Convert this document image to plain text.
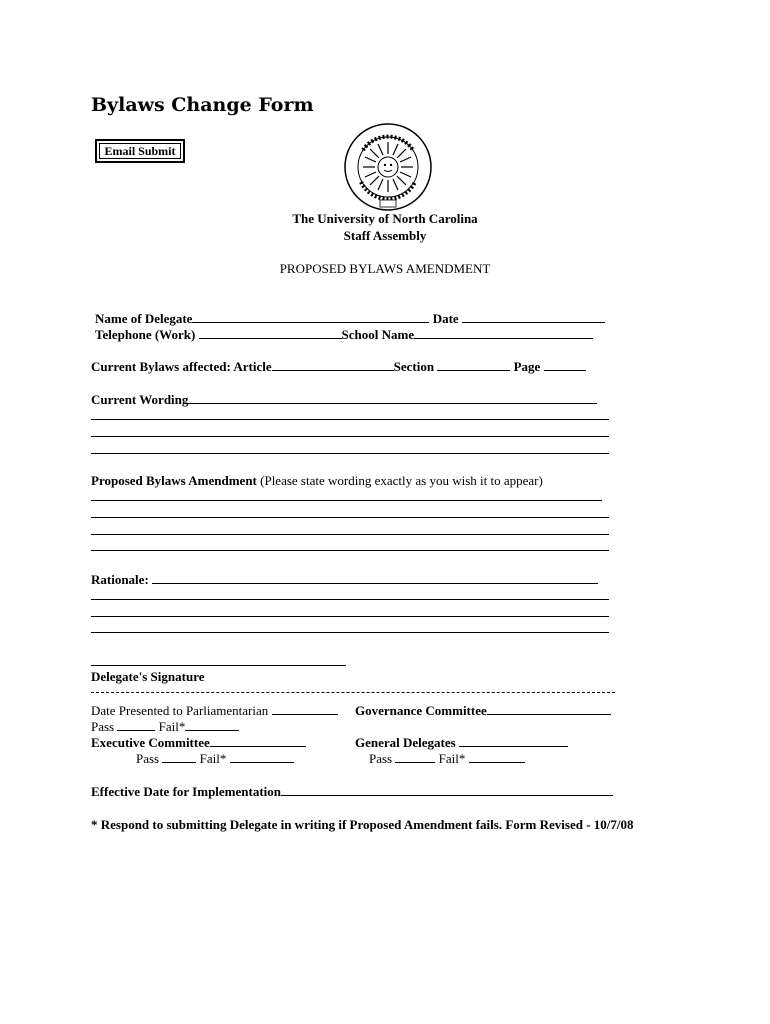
Bylaws Change Form
Email Submit
The University of North Carolina
Staff Assembly
PROPOSED BYLAWS AMENDMENT
Name of Delegate	Date
Telephone (Work)	School Name
Current Bylaws affected: Article	Section	Page
Current Wording
Proposed Bylaws Amendment (Please state wording exactly as you wish it to appear)
Rationale:
Delegate's Signature
Date Presented to Parliamentarian	Governance Committee
Pass	Fail*
Executive Committee	General Delegates
Pass	Fail*	Pass	Fail*
Effective Date for Implementation
* Respond to submitting Delegate in writing if Proposed Amendment fails. Form Revised - 10/7/08
